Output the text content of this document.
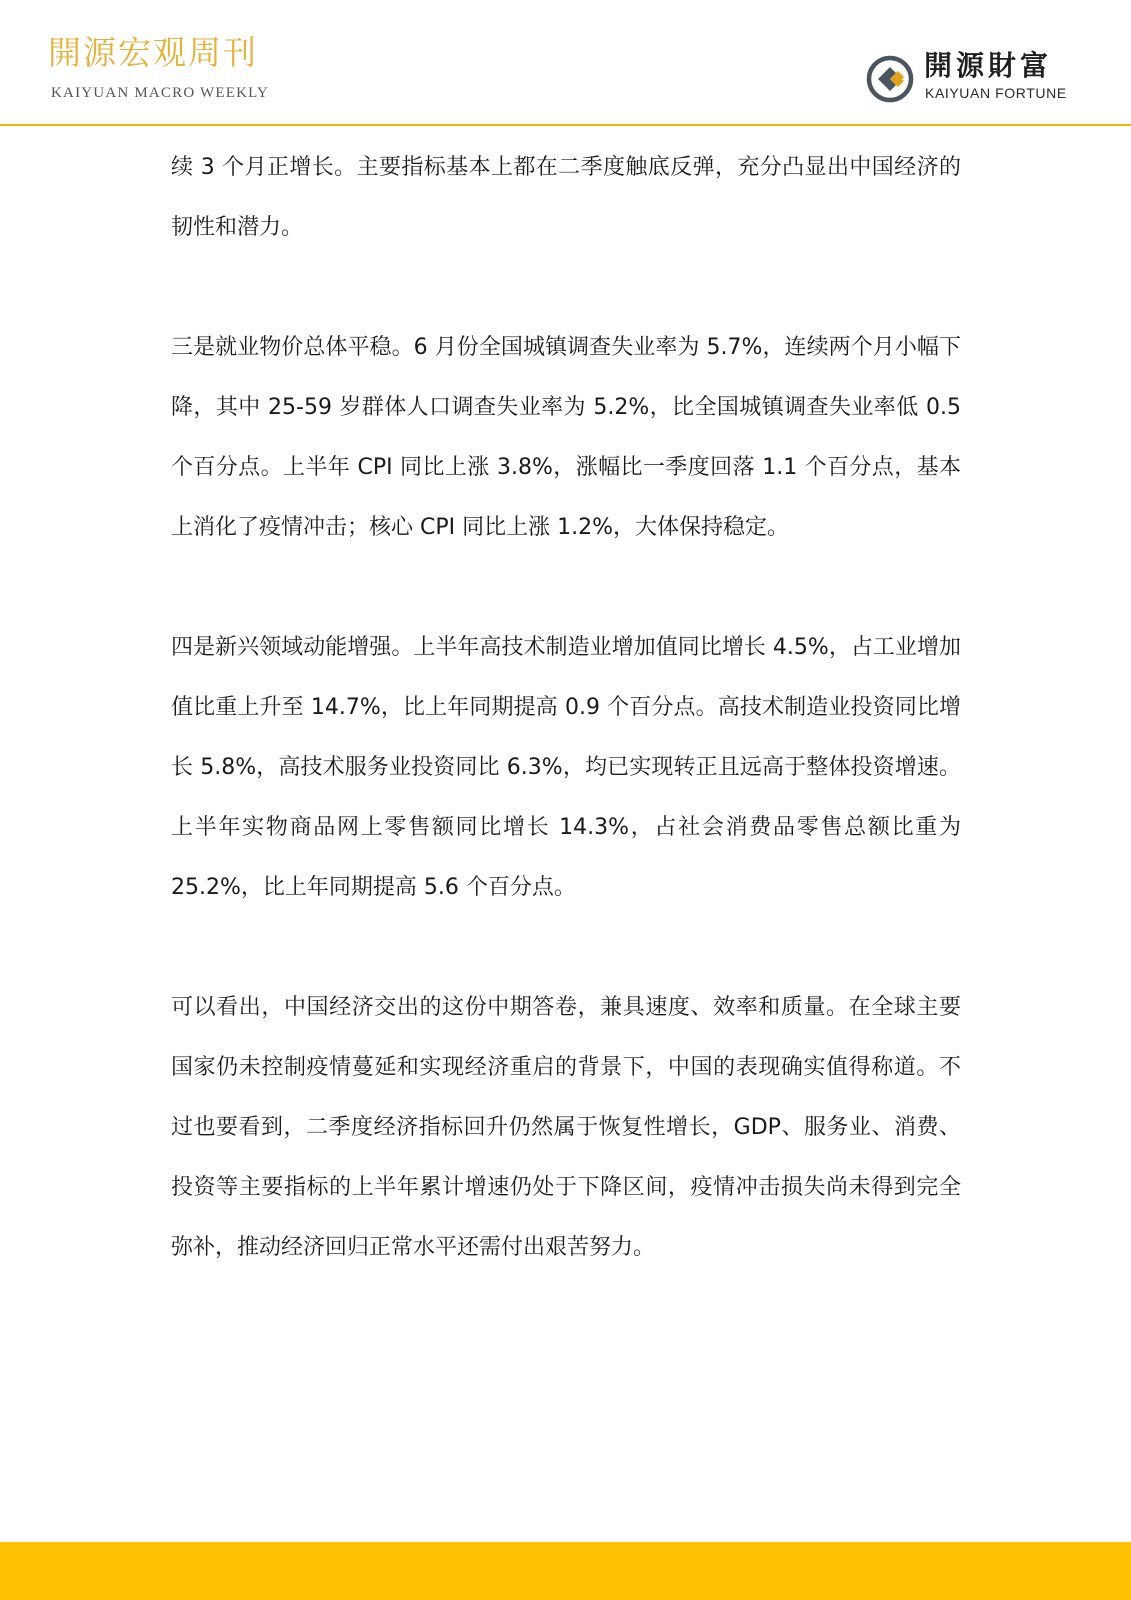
開源宏观周刊
KAIYUAN MACRO WEEKLY
開源財富
KAIYUAN FORTUNE

续 3 个月正增长。主要指标基本上都在二季度触底反弹，充分凸显出中国经济的韧性和潜力。

三是就业物价总体平稳。6 月份全国城镇调查失业率为 5.7%，连续两个月小幅下降，其中 25-59 岁群体人口调查失业率为 5.2%，比全国城镇调查失业率低 0.5 个百分点。上半年 CPI 同比上涨 3.8%，涨幅比一季度回落 1.1 个百分点，基本上消化了疫情冲击；核心 CPI 同比上涨 1.2%，大体保持稳定。

四是新兴领域动能增强。上半年高技术制造业增加值同比增长 4.5%，占工业增加值比重上升至 14.7%，比上年同期提高 0.9 个百分点。高技术制造业投资同比增长 5.8%，高技术服务业投资同比 6.3%，均已实现转正且远高于整体投资增速。上半年实物商品网上零售额同比增长 14.3%，占社会消费品零售总额比重为 25.2%，比上年同期提高 5.6 个百分点。

可以看出，中国经济交出的这份中期答卷，兼具速度、效率和质量。在全球主要国家仍未控制疫情蔓延和实现经济重启的背景下，中国的表现确实值得称道。不过也要看到，二季度经济指标回升仍然属于恢复性增长，GDP、服务业、消费、投资等主要指标的上半年累计增速仍处于下降区间，疫情冲击损失尚未得到完全弥补，推动经济回归正常水平还需付出艰苦努力。
